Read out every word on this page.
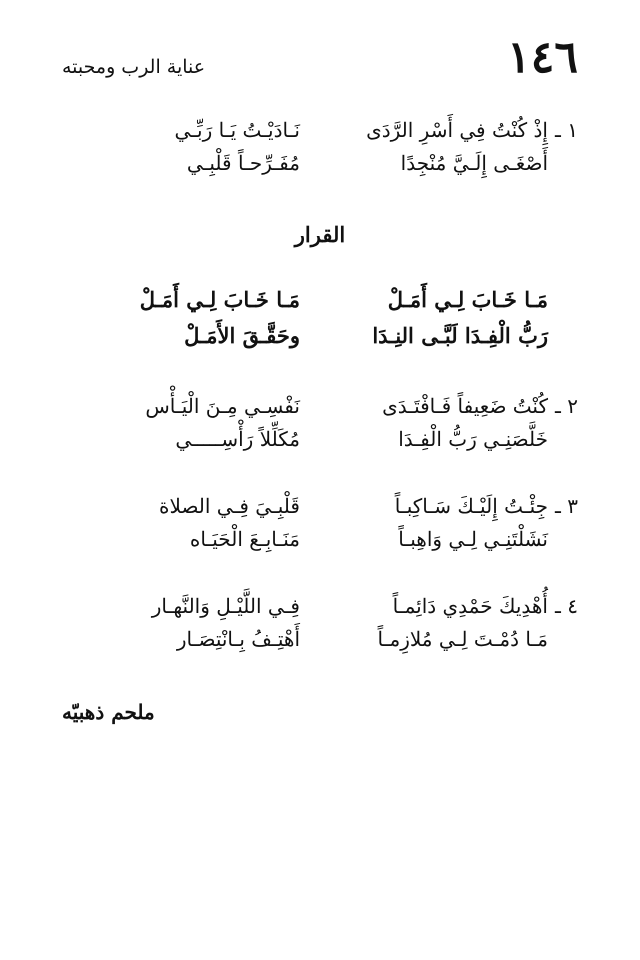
١٤٦
عناية الرب ومحبته
١ ـ
إِذْ كُنْتُ فِي أَسْرِ الرَّدَى
نَـادَيْـتُ يَـا رَبِّـي
أَصْغَـى إِلَـيَّ مُنْجِدًا
مُفَـرِّحـاً قَلْبِـي
القرار
مَـا خَـابَ لِـي أَمَـلْ
مَـا خَـابَ لِـي أَمَـلْ
رَبُّ الْفِـدَا لَبَّـى النِـدَا
وحَقَّـقَ الأَمَـلْ
٢ ـ
كُنْتُ ضَعِيفاً فَـافْتَـدَى
نَفْسِـي مِـنَ الْيَـأْس
خَلَّصَنِـي رَبُّ الْفِـدَا
مُكَلِّلاً رَأْسِـــــي
٣ ـ
جِئْـتُ إِلَيْـكَ سَـاكِبـاً
قَلْبِـيَ فِـي الصلاة
نَشَلْتَنِـي لِـي وَاهِبـاً
مَنَـابِـعَ الْحَيَـاه
٤ ـ
أُهْدِيكَ حَمْدِي دَائِمـاً
فِـي اللَّيْـلِ وَالنَّهـار
مَـا دُمْـتَ لِـي مُلازِمـاً
أَهْتِـفُ بِـانْتِصَـار
ملحم ذهبيّه
